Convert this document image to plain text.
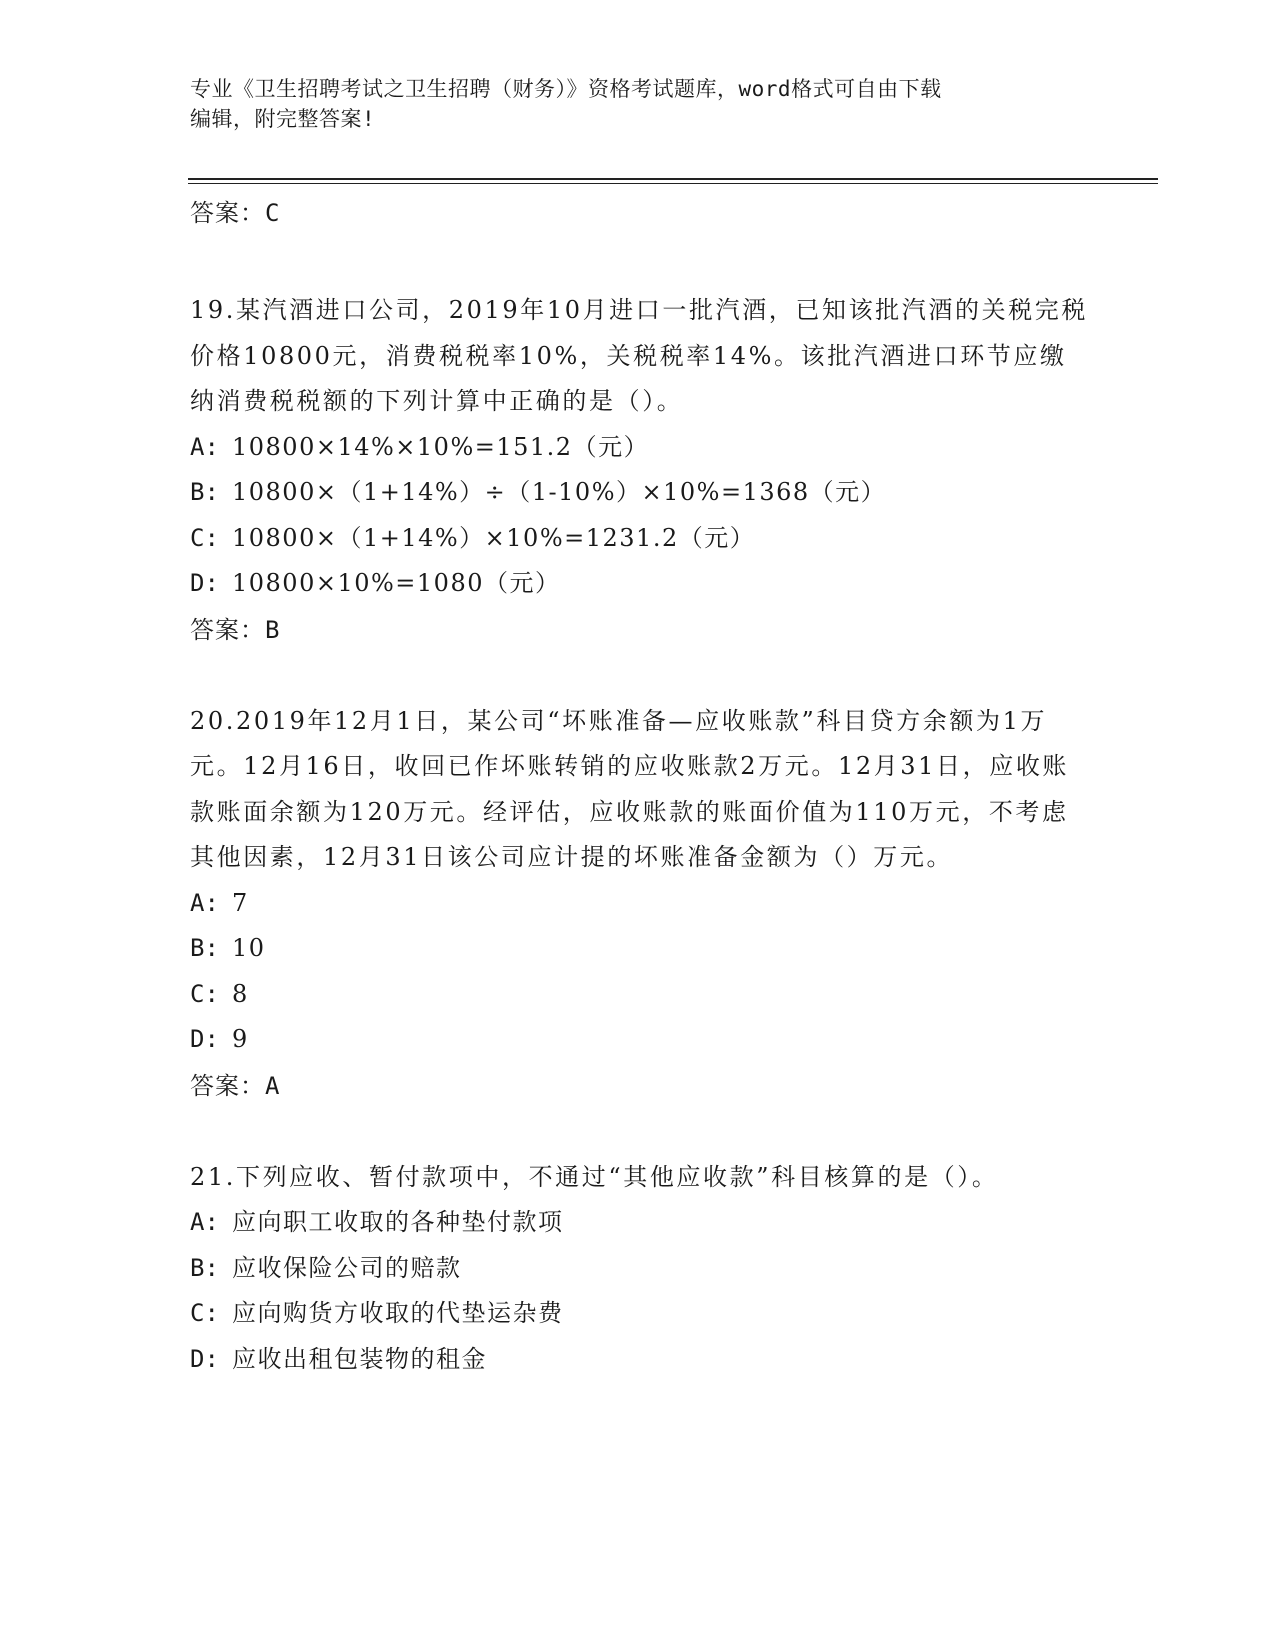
专业《卫生招聘考试之卫生招聘（财务）》资格考试题库，word格式可自由下载
编辑，附完整答案!
答案：C
19.某汽酒进口公司，2019年10月进口一批汽酒，已知该批汽酒的关税完税价格10800元，消费税税率10%，关税税率14%。该批汽酒进口环节应缴纳消费税税额的下列计算中正确的是（）。
A: 10800×14%×10%=151.2（元）
B: 10800×（1+14%）÷（1-10%）×10%=1368（元）
C: 10800×（1+14%）×10%=1231.2（元）
D: 10800×10%=1080（元）
答案：B
20.2019年12月1日，某公司“坏账准备—应收账款”科目贷方余额为1万元。12月16日，收回已作坏账转销的应收账款2万元。12月31日，应收账款账面余额为120万元。经评估，应收账款的账面价值为110万元，不考虑其他因素，12月31日该公司应计提的坏账准备金额为（）万元。
A: 7
B: 10
C: 8
D: 9
答案：A
21.下列应收、暂付款项中，不通过“其他应收款”科目核算的是（）。
A: 应向职工收取的各种垫付款项
B: 应收保险公司的赔款
C: 应向购货方收取的代垫运杂费
D: 应收出租包装物的租金
